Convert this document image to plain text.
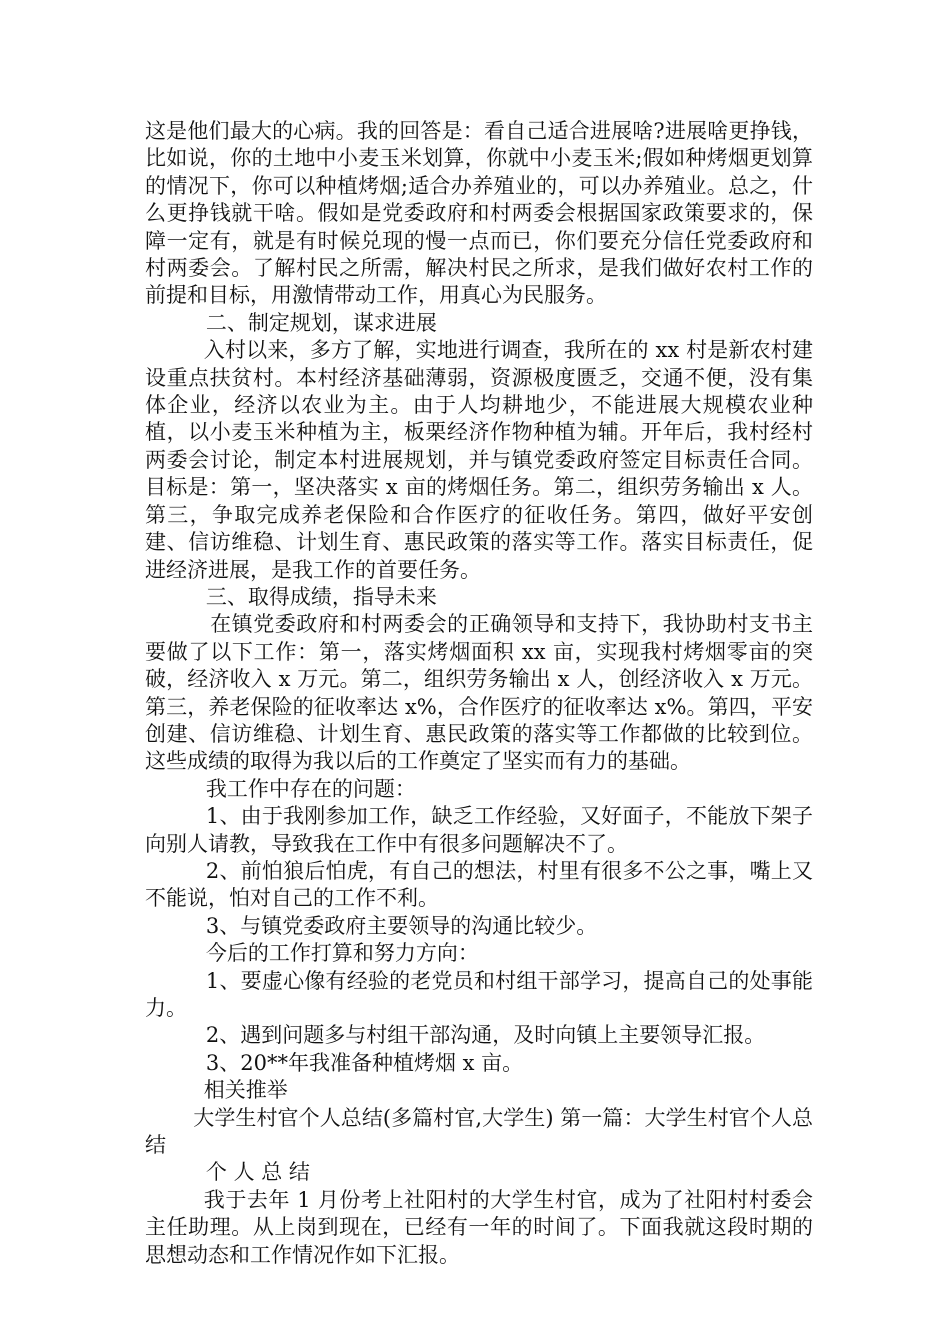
这是他们最大的心病。我的回答是：看自己适合进展啥?进展啥更挣钱，比如说，你的土地中小麦玉米划算，你就中小麦玉米;假如种烤烟更划算的情况下，你可以种植烤烟;适合办养殖业的，可以办养殖业。总之，什么更挣钱就干啥。假如是党委政府和村两委会根据国家政策要求的，保障一定有，就是有时候兑现的慢一点而已，你们要充分信任党委政府和村两委会。了解村民之所需，解决村民之所求，是我们做好农村工作的前提和目标，用激情带动工作，用真心为民服务。

二、制定规划，谋求进展

入村以来，多方了解，实地进行调查，我所在的 xx 村是新农村建设重点扶贫村。本村经济基础薄弱，资源极度匮乏，交通不便，没有集体企业，经济以农业为主。由于人均耕地少，不能进展大规模农业种植，以小麦玉米种植为主，板栗经济作物种植为辅。开年后，我村经村两委会讨论，制定本村进展规划，并与镇党委政府签定目标责任合同。目标是：第一，坚决落实 x 亩的烤烟任务。第二，组织劳务输出 x 人。第三，争取完成养老保险和合作医疗的征收任务。第四，做好平安创建、信访维稳、计划生育、惠民政策的落实等工作。落实目标责任，促进经济进展，是我工作的首要任务。

三、取得成绩，指导未来

在镇党委政府和村两委会的正确领导和支持下，我协助村支书主要做了以下工作：第一，落实烤烟面积 xx 亩，实现我村烤烟零亩的突破，经济收入 x 万元。第二，组织劳务输出 x 人，创经济收入 x 万元。第三，养老保险的征收率达 x%，合作医疗的征收率达 x%。第四，平安创建、信访维稳、计划生育、惠民政策的落实等工作都做的比较到位。这些成绩的取得为我以后的工作奠定了坚实而有力的基础。

我工作中存在的问题：

1、由于我刚参加工作，缺乏工作经验，又好面子，不能放下架子向别人请教，导致我在工作中有很多问题解决不了。

2、前怕狼后怕虎，有自己的想法，村里有很多不公之事，嘴上又不能说，怕对自己的工作不利。

3、与镇党委政府主要领导的沟通比较少。

今后的工作打算和努力方向：

1、要虚心像有经验的老党员和村组干部学习，提高自己的处事能力。

2、遇到问题多与村组干部沟通，及时向镇上主要领导汇报。

3、20**年我准备种植烤烟 x 亩。

相关推举

大学生村官个人总结(多篇村官,大学生) 第一篇：大学生村官个人总结

个 人 总 结

我于去年 1 月份考上社阳村的大学生村官，成为了社阳村村委会主任助理。从上岗到现在，已经有一年的时间了。下面我就这段时期的思想动态和工作情况作如下汇报。
